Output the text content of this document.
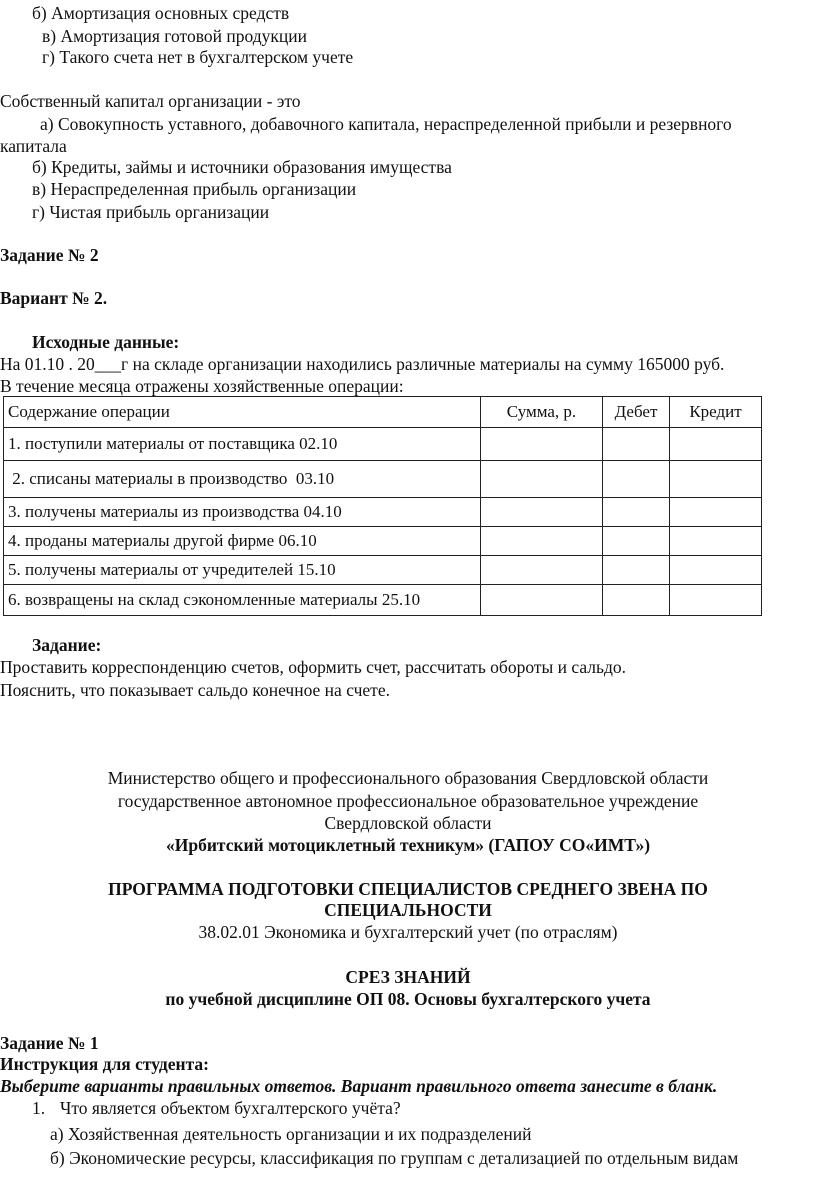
б) Амортизация основных средств
в) Амортизация готовой продукции
г) Такого счета нет в бухгалтерском учете
Собственный капитал организации - это
а) Совокупность уставного, добавочного капитала, нераспределенной прибыли и резервного
капитала
б) Кредиты, займы и источники образования имущества
в) Нераспределенная прибыль организации
г) Чистая прибыль организации
Задание № 2
Вариант № 2.
Исходные данные:
На 01.10 . 20___г на складе организации находились различные материалы на сумму 165000 руб.
В течение месяца отражены хозяйственные операции:
Содержание операции	Сумма, р.	Дебет	Кредит
1. поступили материалы от поставщика 02.10			
2. списаны материалы в производство  03.10			
3. получены материалы из производства 04.10			
4. проданы материалы другой фирме 06.10			
5. получены материалы от учредителей 15.10			
6. возвращены на склад сэкономленные материалы 25.10			
Задание:
Проставить корреспонденцию счетов, оформить счет, рассчитать обороты и сальдо.
Пояснить, что показывает сальдо конечное на счете.
Министерство общего и профессионального образования Свердловской области
государственное автономное профессиональное образовательное учреждение
Свердловской области
«Ирбитский мотоциклетный техникум» (ГАПОУ СО«ИМТ»)
ПРОГРАММА ПОДГОТОВКИ СПЕЦИАЛИСТОВ СРЕДНЕГО ЗВЕНА ПО
СПЕЦИАЛЬНОСТИ
38.02.01 Экономика и бухгалтерский учет (по отраслям)
СРЕЗ ЗНАНИЙ
по учебной дисциплине ОП 08. Основы бухгалтерского учета
Задание № 1
Инструкция для студента:
Выберите варианты правильных ответов. Вариант правильного ответа занесите в бланк.
1. Что является объектом бухгалтерского учёта?
а) Хозяйственная деятельность организации и их подразделений
б) Экономические ресурсы, классификация по группам с детализацией по отдельным видам
